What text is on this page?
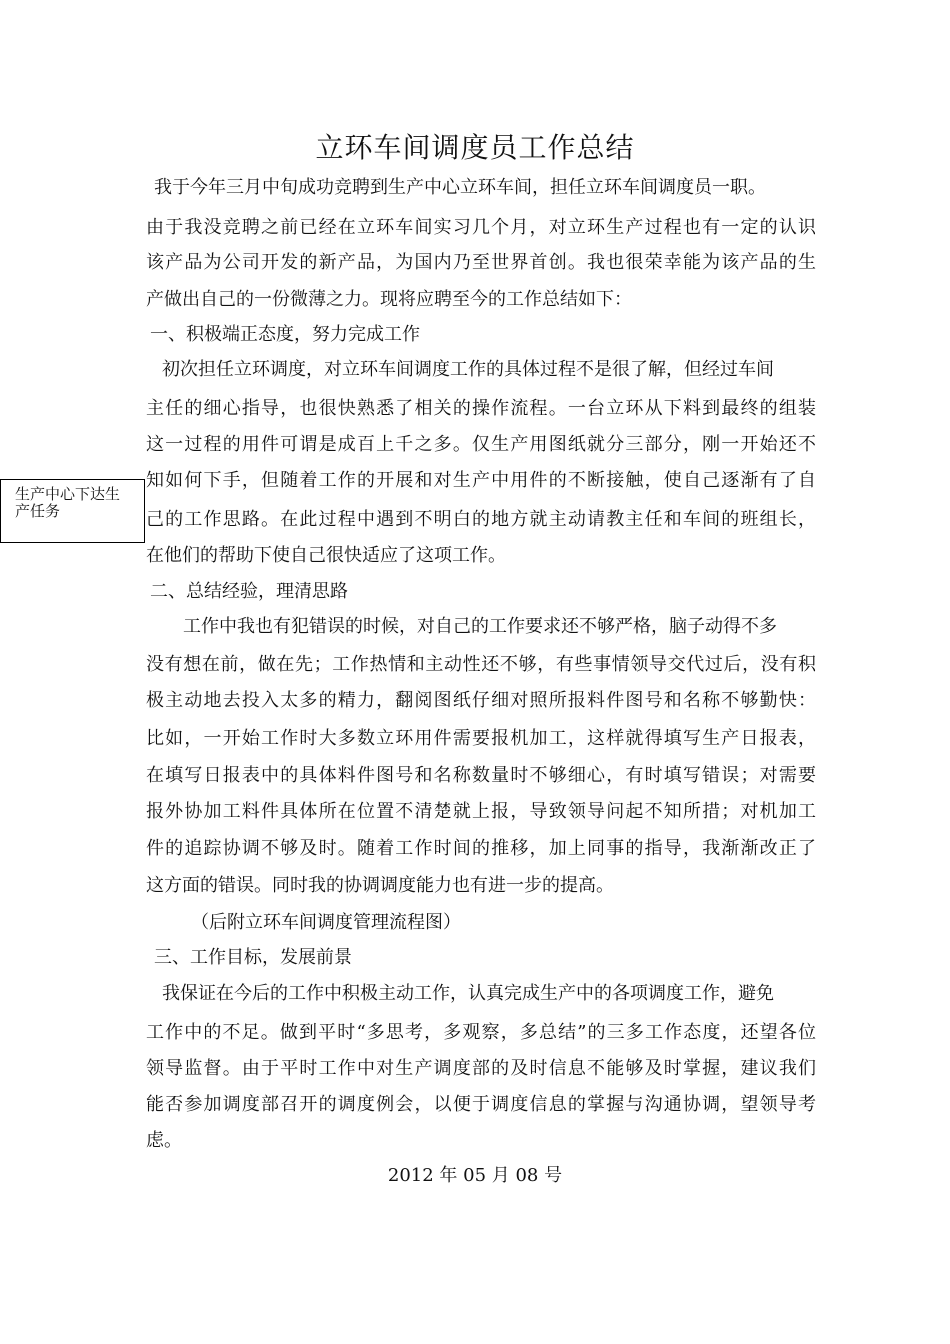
立环车间调度员工作总结
我于今年三月中旬成功竞聘到生产中心立环车间，担任立环车间调度员一职。
由于我没竞聘之前已经在立环车间实习几个月，对立环生产过程也有一定的认识
该产品为公司开发的新产品，为国内乃至世界首创。我也很荣幸能为该产品的生
产做出自己的一份微薄之力。现将应聘至今的工作总结如下：
一、积极端正态度，努力完成工作
初次担任立环调度，对立环车间调度工作的具体过程不是很了解，但经过车间
主任的细心指导，也很快熟悉了相关的操作流程。一台立环从下料到最终的组装
这一过程的用件可谓是成百上千之多。仅生产用图纸就分三部分，刚一开始还不
知如何下手，但随着工作的开展和对生产中用件的不断接触，使自己逐渐有了自
己的工作思路。在此过程中遇到不明白的地方就主动请教主任和车间的班组长，
在他们的帮助下使自己很快适应了这项工作。
二、总结经验，理清思路
工作中我也有犯错误的时候，对自己的工作要求还不够严格，脑子动得不多
没有想在前，做在先；工作热情和主动性还不够，有些事情领导交代过后，没有积
极主动地去投入太多的精力，翻阅图纸仔细对照所报料件图号和名称不够勤快：
比如，一开始工作时大多数立环用件需要报机加工，这样就得填写生产日报表，
在填写日报表中的具体料件图号和名称数量时不够细心，有时填写错误；对需要
报外协加工料件具体所在位置不清楚就上报，导致领导问起不知所措；对机加工
件的追踪协调不够及时。随着工作时间的推移，加上同事的指导，我渐渐改正了
这方面的错误。同时我的协调调度能力也有进一步的提高。
（后附立环车间调度管理流程图）
三、工作目标，发展前景
我保证在今后的工作中积极主动工作，认真完成生产中的各项调度工作，避免
工作中的不足。做到平时“多思考，多观察，多总结”的三多工作态度，还望各位
领导监督。由于平时工作中对生产调度部的及时信息不能够及时掌握，建议我们
能否参加调度部召开的调度例会，以便于调度信息的掌握与沟通协调，望领导考
虑。
2012 年 05 月 08 号
生产中心下达生产任务
